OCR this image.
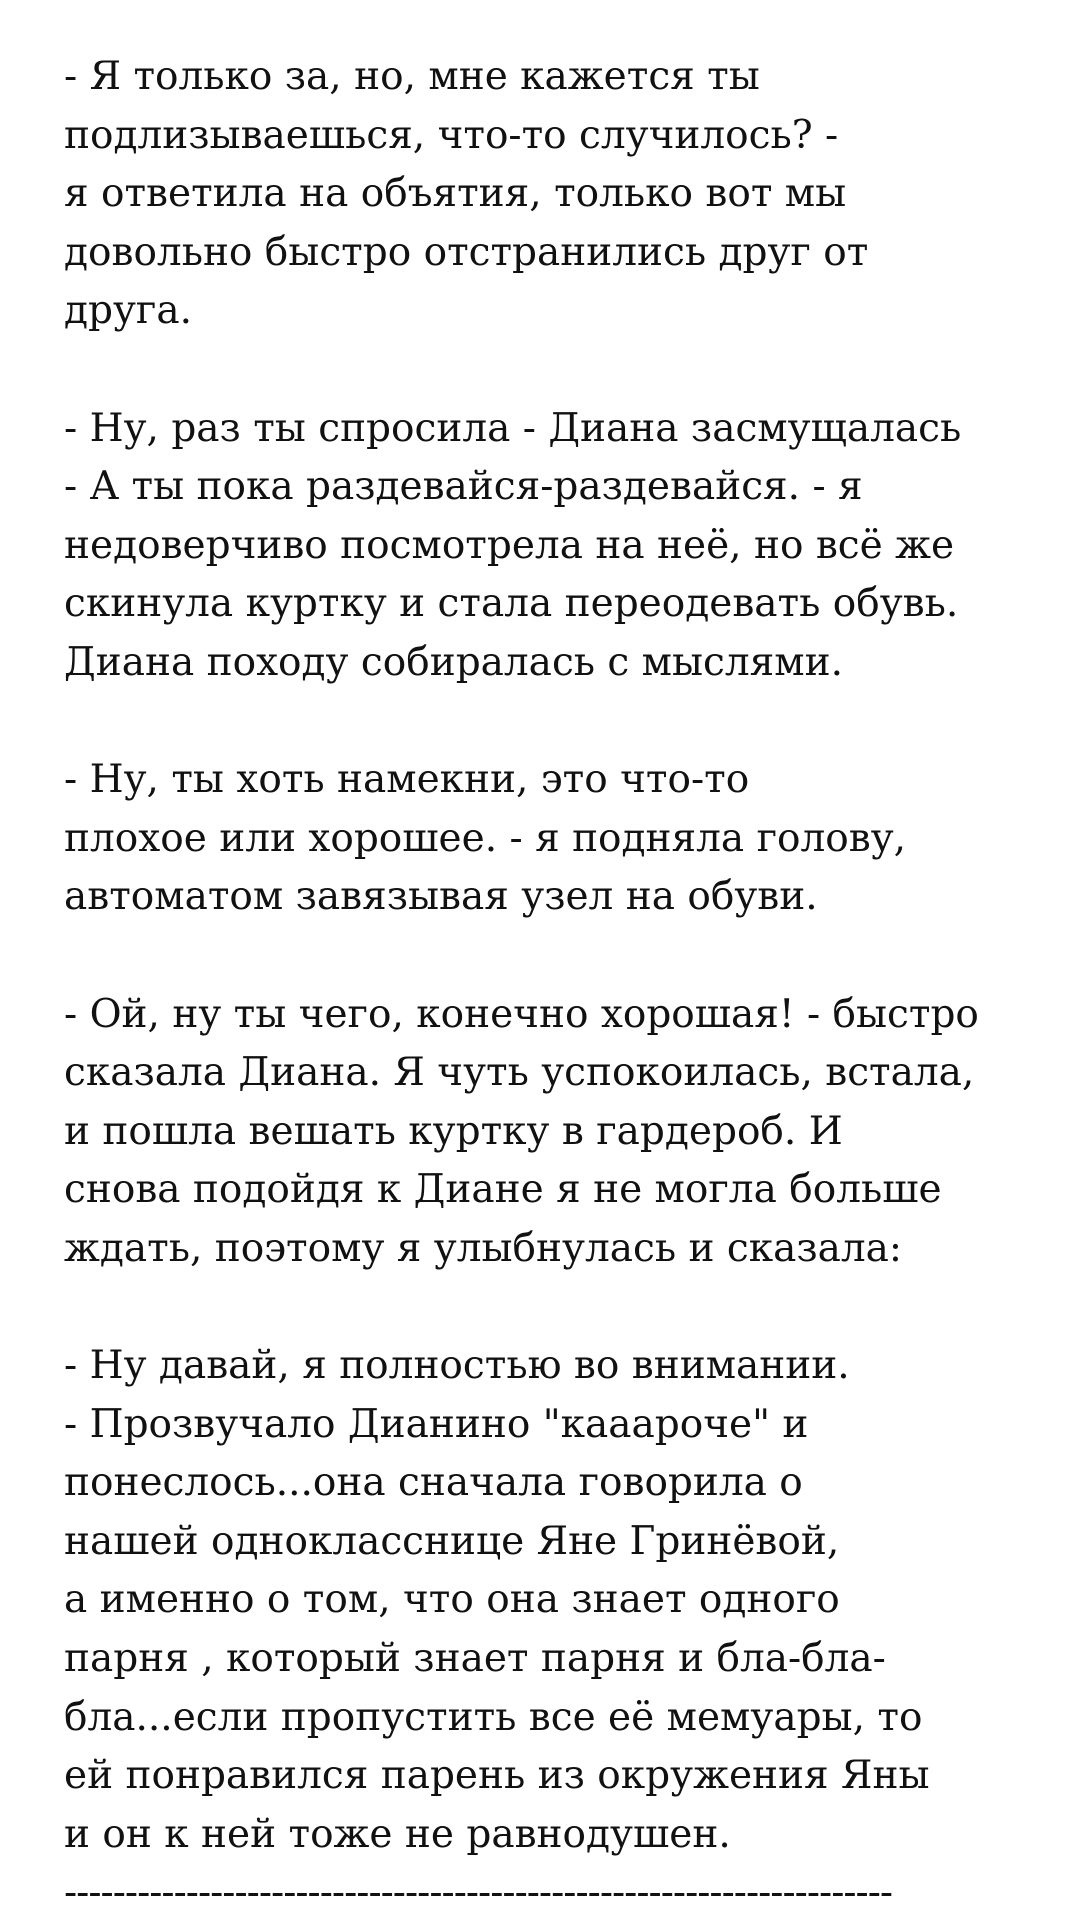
- Я только за, но, мне кажется ты
подлизываешься, что-то случилось? -
я ответила на объятия, только вот мы
довольно быстро отстранились друг от
друга.
- Ну, раз ты спросила - Диана засмущалась
- А ты пока раздевайся-раздевайся. - я
недоверчиво посмотрела на неё, но всё же
скинула куртку и стала переодевать обувь.
Диана походу собиралась с мыслями.
- Ну, ты хоть намекни, это что-то
плохое или хорошее. - я подняла голову,
автоматом завязывая узел на обуви.
- Ой, ну ты чего, конечно хорошая! - быстро
сказала Диана. Я чуть успокоилась, встала,
и пошла вешать куртку в гардероб. И
снова подойдя к Диане я не могла больше
ждать, поэтому я улыбнулась и сказала:
- Ну давай, я полностью во внимании.
- Прозвучало Дианино "кааароче" и
понеслось...она сначала говорила о
нашей однокласснице Яне Гринёвой,
а именно о том, что она знает одного
парня , который знает парня и бла-бла-
бла...если пропустить все её мемуары, то
ей понравился парень из окружения Яны
и он к ней тоже не равнодушен.
--------------------------------------------------------------------
